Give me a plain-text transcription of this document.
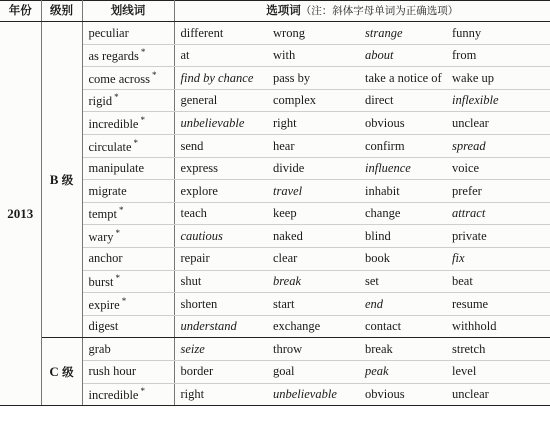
年份	级别	划线词	选项词（注：斜体字母单词为正确选项）			
2013	B 级	peculiar	different	wrong	strange	funny
		as regards *	at	with	about	from
		come across *	find by chance	pass by	take a notice of	wake up
		rigid *	general	complex	direct	inflexible
		incredible *	unbelievable	right	obvious	unclear
		circulate *	send	hear	confirm	spread
		manipulate	express	divide	influence	voice
		migrate	explore	travel	inhabit	prefer
		tempt *	teach	keep	change	attract
		wary *	cautious	naked	blind	private
		anchor	repair	clear	book	fix
		burst *	shut	break	set	beat
		expire *	shorten	start	end	resume
		digest	understand	exchange	contact	withhold
	C 级	grab	seize	throw	break	stretch
		rush hour	border	goal	peak	level
		incredible *	right	unbelievable	obvious	unclear
